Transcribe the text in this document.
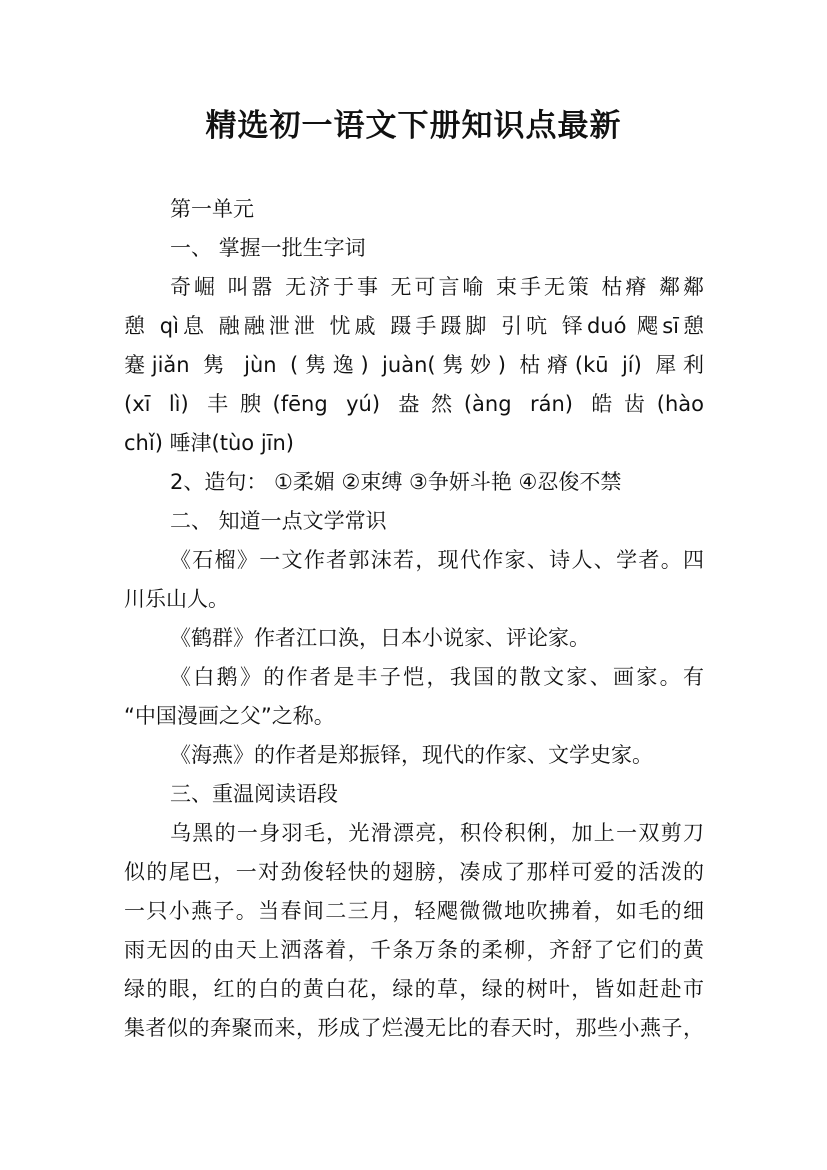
精选初一语文下册知识点最新

第一单元

一、 掌握一批生字词

奇崛 叫嚣 无济于事 无可言喻 束手无策 枯瘠 鄰鄰
憩 qì息 融融泄泄 忧戚 蹑手蹑脚 引吭 铎duó 飔sī憩
蹇jiǎn 隽 jùn (隽逸) juàn(隽妙) 枯瘠(kū jí) 犀利
(xī lì) 丰腴(fēng yú) 盎然(àng rán) 皓齿(hào
chǐ) 唾津(tùo jīn)

2、造句： ①柔媚 ②束缚 ③争妍斗艳 ④忍俊不禁

二、 知道一点文学常识

《石榴》一文作者郭沫若，现代作家、诗人、学者。四
川乐山人。

《鹤群》作者江口涣，日本小说家、评论家。

《白鹅》的作者是丰子恺，我国的散文家、画家。有
“中国漫画之父”之称。

《海燕》的作者是郑振铎，现代的作家、文学史家。

三、重温阅读语段

乌黑的一身羽毛，光滑漂亮，积伶积俐，加上一双剪刀
似的尾巴，一对劲俊轻快的翅膀，凑成了那样可爱的活泼的
一只小燕子。当春间二三月，轻飔微微地吹拂着，如毛的细
雨无因的由天上洒落着，千条万条的柔柳，齐舒了它们的黄
绿的眼，红的白的黄白花，绿的草，绿的树叶，皆如赶赴市
集者似的奔聚而来，形成了烂漫无比的春天时，那些小燕子，
